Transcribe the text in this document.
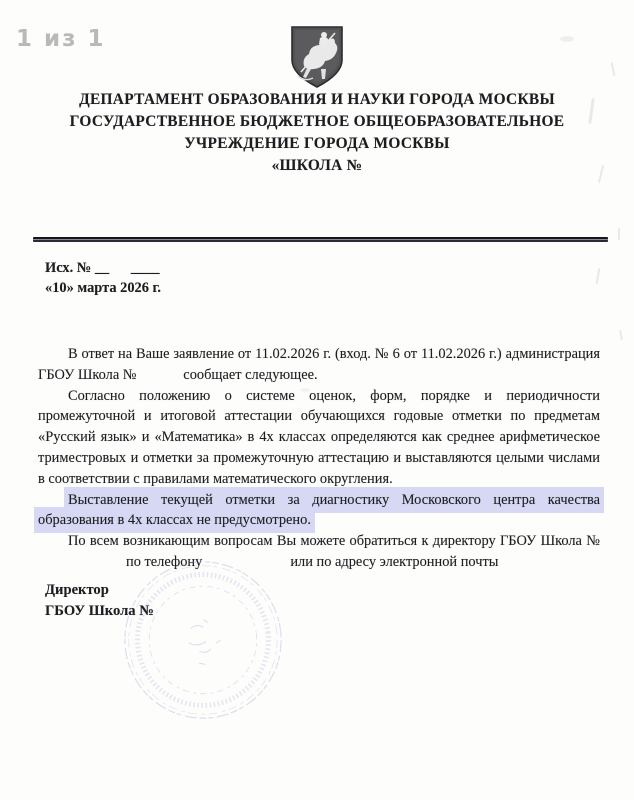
1 из 1
ДЕПАРТАМЕНТ ОБРАЗОВАНИЯ И НАУКИ ГОРОДА МОСКВЫ
ГОСУДАРСТВЕННОЕ БЮДЖЕТНОЕ ОБЩЕОБРАЗОВАТЕЛЬНОЕ
УЧРЕЖДЕНИЕ ГОРОДА МОСКВЫ
«ШКОЛА №
Исх. № __      ____
«10» марта 2026 г.

В ответ на Ваше заявление от 11.02.2026 г. (вход. № 6 от 11.02.2026 г.) администрация ГБОУ Школа №             сообщает следующее.

Согласно положению о системе оценок, форм, порядке и периодичности промежуточной и итоговой аттестации обучающихся годовые отметки по предметам «Русский язык» и «Математика» в 4х классах определяются как среднее арифметическое триместровых и отметки за промежуточную аттестацию и выставляются целыми числами в соответствии с правилами математического округления.

Выставление текущей отметки за диагностику Московского центра качества образования в 4х классах не предусмотрено.

По всем возникающим вопросам Вы можете обратиться к директору ГБОУ Школа №

по телефону	или по адресу электронной почты
Директор
ГБОУ Школа №
